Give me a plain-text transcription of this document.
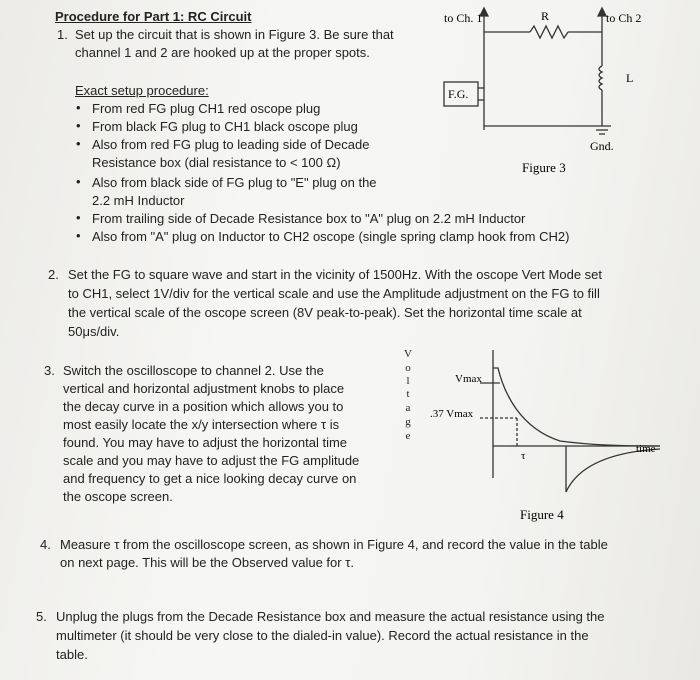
Procedure for Part 1: RC Circuit
1. Set up the circuit that is shown in Figure 3. Be sure that
channel 1 and 2 are hooked up at the proper spots.
Exact setup procedure:
• From red FG plug CH1 red oscope plug
• From black FG plug to CH1 black oscope plug
• Also from red FG plug to leading side of Decade
Resistance box (dial resistance to < 100 Ω)
• Also from black side of FG plug to "E" plug on the
2.2 mH Inductor
• From trailing side of Decade Resistance box to "A" plug on 2.2 mH Inductor
• Also from "A" plug on Inductor to CH2 oscope (single spring clamp hook from CH2)
to Ch. 1	to Ch 2
R
F.G.
L
Gnd.
Figure 3
2. Set the FG to square wave and start in the vicinity of 1500Hz. With the oscope Vert Mode set
to CH1, select 1V/div for the vertical scale and use the Amplitude adjustment on the FG to fill
the vertical scale of the oscope screen (8V peak-to-peak). Set the horizontal time scale at
50μs/div.
3. Switch the oscilloscope to channel 2. Use the
vertical and horizontal adjustment knobs to place
the decay curve in a position which allows you to
most easily locate the x/y intersection where τ is
found. You may have to adjust the horizontal time
scale and you may have to adjust the FG amplitude
and frequency to get a nice looking decay curve on
the oscope screen.
V
o
l
t
a
g
e
Vmax
.37 Vmax
τ
time
Figure 4
4. Measure τ from the oscilloscope screen, as shown in Figure 4, and record the value in the table
on next page. This will be the Observed value for τ.
5. Unplug the plugs from the Decade Resistance box and measure the actual resistance using the
multimeter (it should be very close to the dialed-in value). Record the actual resistance in the
table.
